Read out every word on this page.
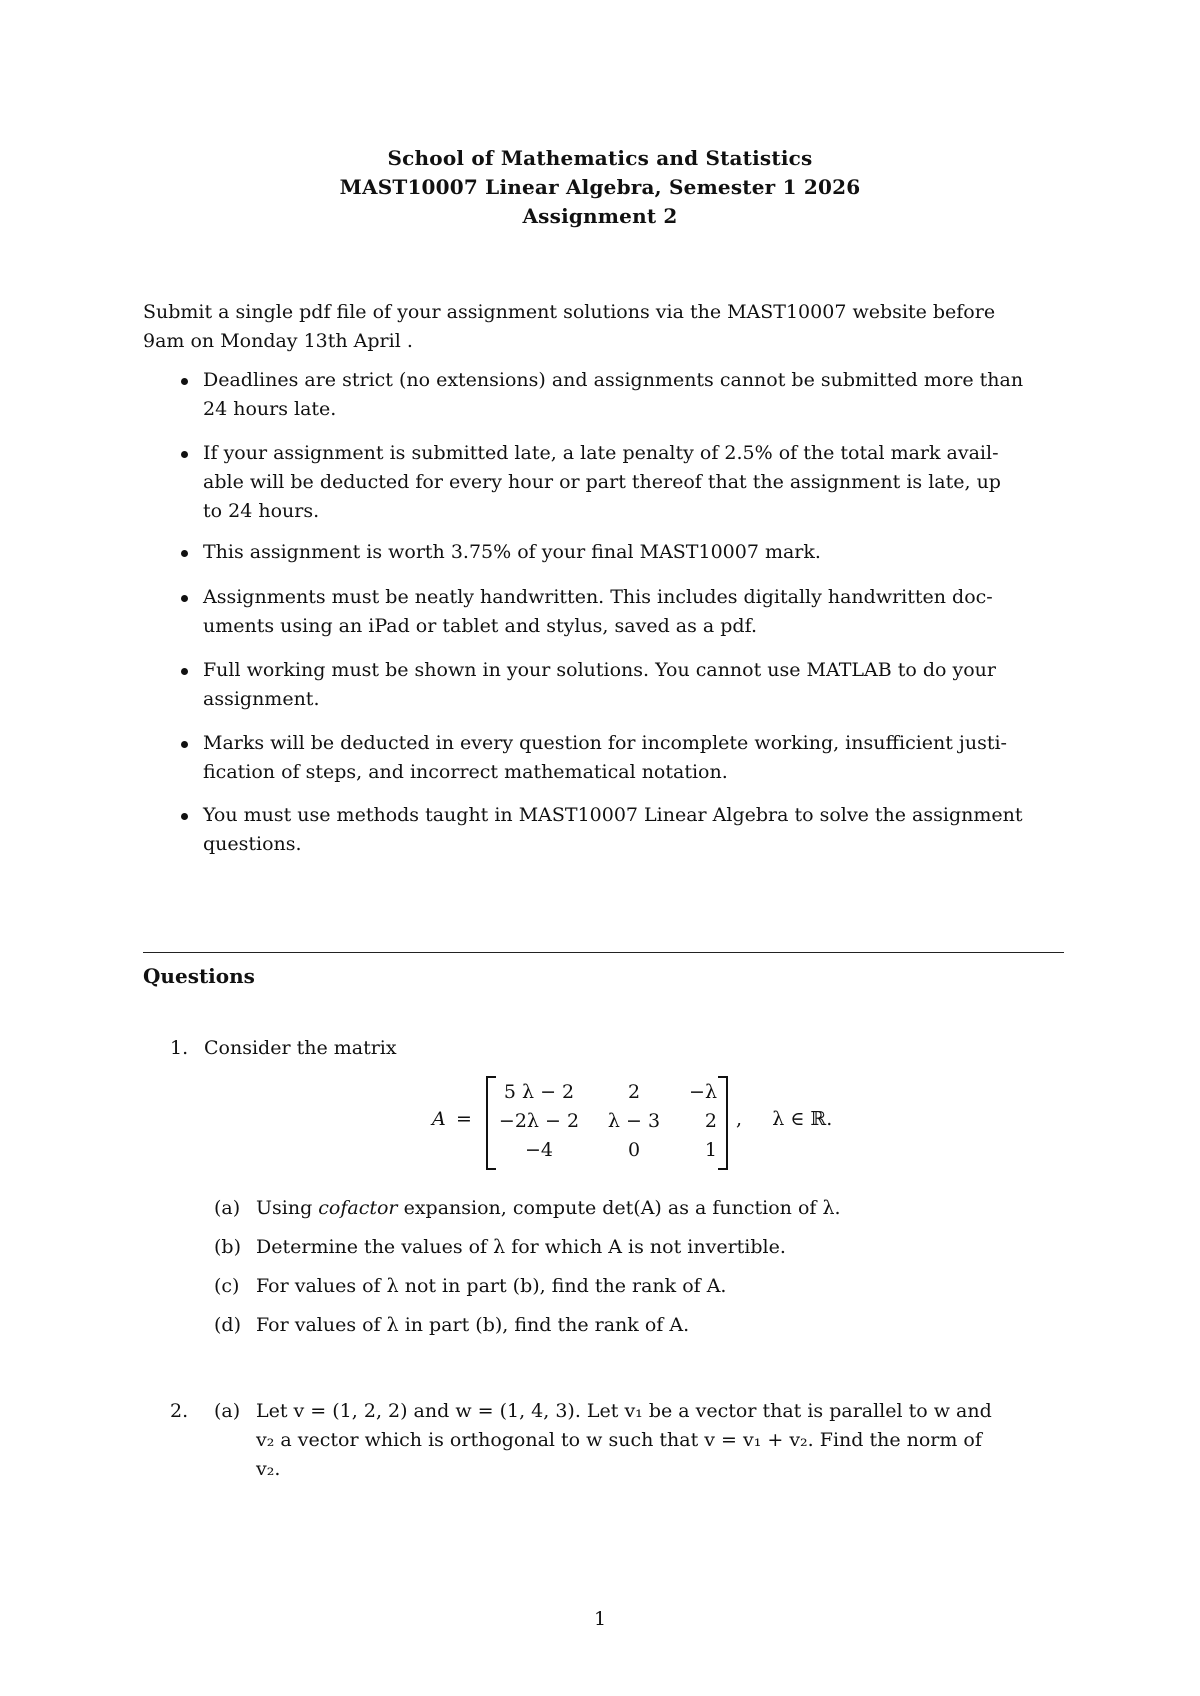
School of Mathematics and Statistics
MAST10007 Linear Algebra, Semester 1 2026
Assignment 2
Submit a single pdf file of your assignment solutions via the MAST10007 website before
9am on Monday 13th April .
Deadlines are strict (no extensions) and assignments cannot be submitted more than
24 hours late.
If your assignment is submitted late, a late penalty of 2.5% of the total mark avail-
able will be deducted for every hour or part thereof that the assignment is late, up
to 24 hours.
This assignment is worth 3.75% of your final MAST10007 mark.
Assignments must be neatly handwritten. This includes digitally handwritten doc-
uments using an iPad or tablet and stylus, saved as a pdf.
Full working must be shown in your solutions. You cannot use MATLAB to do your
assignment.
Marks will be deducted in every question for incomplete working, insufficient justi-
fication of steps, and incorrect mathematical notation.
You must use methods taught in MAST10007 Linear Algebra to solve the assignment
questions.
Questions
1. Consider the matrix
A =
5 λ − 2	2	−λ
−2λ − 2	λ − 3	2
−4	0	1
,     λ ∈ ℝ.
(a) Using cofactor expansion, compute det(A) as a function of λ.
(b) Determine the values of λ for which A is not invertible.
(c) For values of λ not in part (b), find the rank of A.
(d) For values of λ in part (b), find the rank of A.
2. (a) Let v = (1, 2, 2) and w = (1, 4, 3). Let v₁ be a vector that is parallel to w and
v₂ a vector which is orthogonal to w such that v = v₁ + v₂. Find the norm of
v₂.
1
